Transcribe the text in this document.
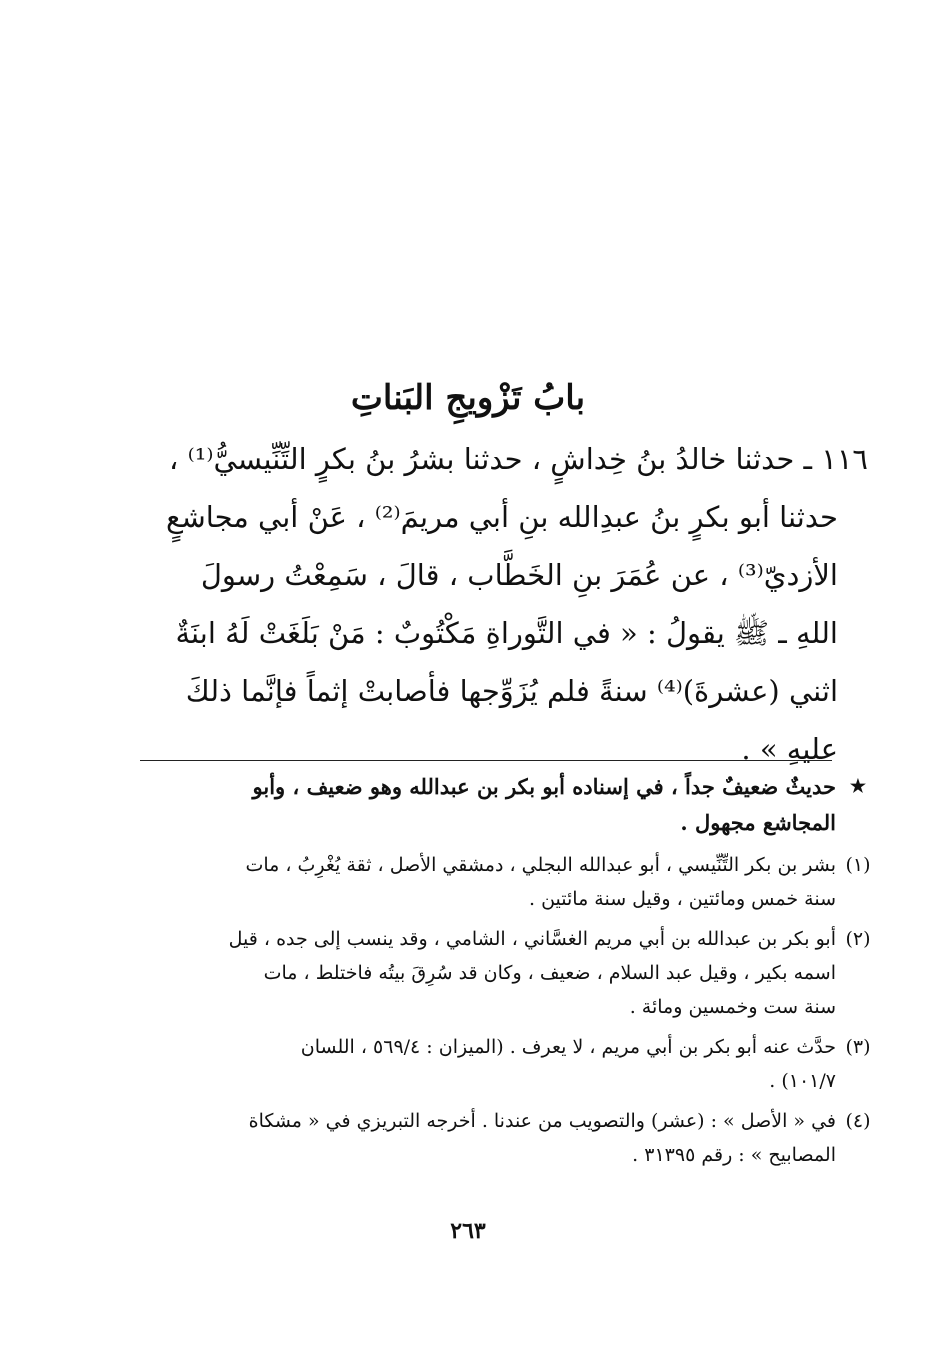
بابُ تَزْويجِ البَناتِ
١١٦ ـ حدثنا خالدُ بنُ خِداشٍ ، حدثنا بشرُ بنُ بكرٍ التِّنِّيسيُّ⁽¹⁾ ،
حدثنا أبو بكرٍ بنُ عبدِالله بنِ أبي مريمَ⁽²⁾ ، عَنْ أبي مجاشعٍ
الأزديّ⁽³⁾ ، عن عُمَرَ بنِ الخَطَّاب ، قالَ ، سَمِعْتُ رسولَ
اللهِ ـ ﷺ يقولُ : « في التَّوراةِ مَكْتُوبٌ : مَنْ بَلَغَتْ لَهُ ابنَةٌ
اثني (عشرةَ)⁽⁴⁾ سنةً فلم يُزَوِّجها فأصابتْ إثماً فإنَّما ذلكَ
عليهِ » .
★
حديثٌ ضعيفٌ جداً ، في إسناده أبو بكر بن عبدالله وهو ضعيف ، وأبو
المجاشع مجهول .
(١)
بشر بن بكر التِّنِّيسي ، أبو عبدالله البجلي ، دمشقي الأصل ، ثقة يُغْرِبُ ، مات
سنة خمس ومائتين ، وقيل سنة مائتين .
(٢)
أبو بكر بن عبدالله بن أبي مريم الغسَّاني ، الشامي ، وقد ينسب إلى جده ، قيل
اسمه بكير ، وقيل عبد السلام ، ضعيف ، وكان قد سُرِقَ بيتُه فاختلط ، مات
سنة ست وخمسين ومائة .
(٣)
حدَّث عنه أبو بكر بن أبي مريم ، لا يعرف . (الميزان : ٥٦٩/٤ ، اللسان
١٠١/٧) .
(٤)
في « الأصل » : (عشر) والتصويب من عندنا . أخرجه التبريزي في « مشكاة
المصابيح » : رقم ٣١٣٩٥ .
٢٦٣
